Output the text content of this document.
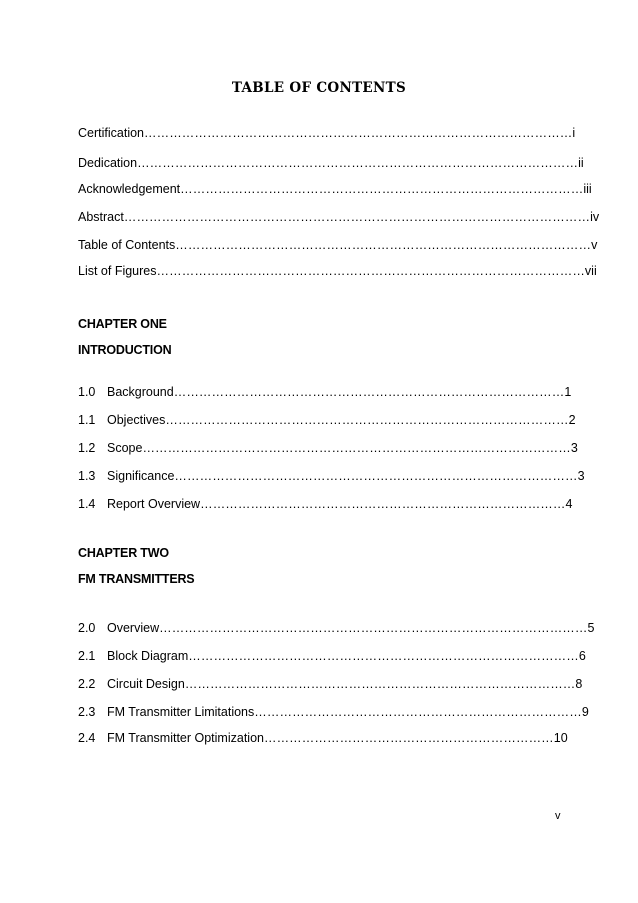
TABLE OF CONTENTS
Certification…………………………………………………………………………………………i
Dedication……………………………………………………………………………………………ii
Acknowledgement……………………………………………………………………………………iii
Abstract…………………………………………………………………………………………………iv
Table of Contents………………………………………………………………………………………v
List of Figures…………………………………………………………………………………………vii
CHAPTER ONE
INTRODUCTION
1.0 Background…………………………………………………………………………………1
1.1 Objectives……………………………………………………………………………………2
1.2 Scope…………………………………………………………………………………………3
1.3 Significance……………………………………………………………………………………3
1.4 Report Overview……………………………………………………………………………4
CHAPTER TWO
FM TRANSMITTERS
2.0 Overview…………………………………………………………………………………………5
2.1 Block Diagram…………………………………………………………………………………6
2.2 Circuit Design…………………………………………………………………………………8
2.3 FM Transmitter Limitations……………………………………………………………………9
2.4 FM Transmitter Optimization……………………………………………………………10
v
